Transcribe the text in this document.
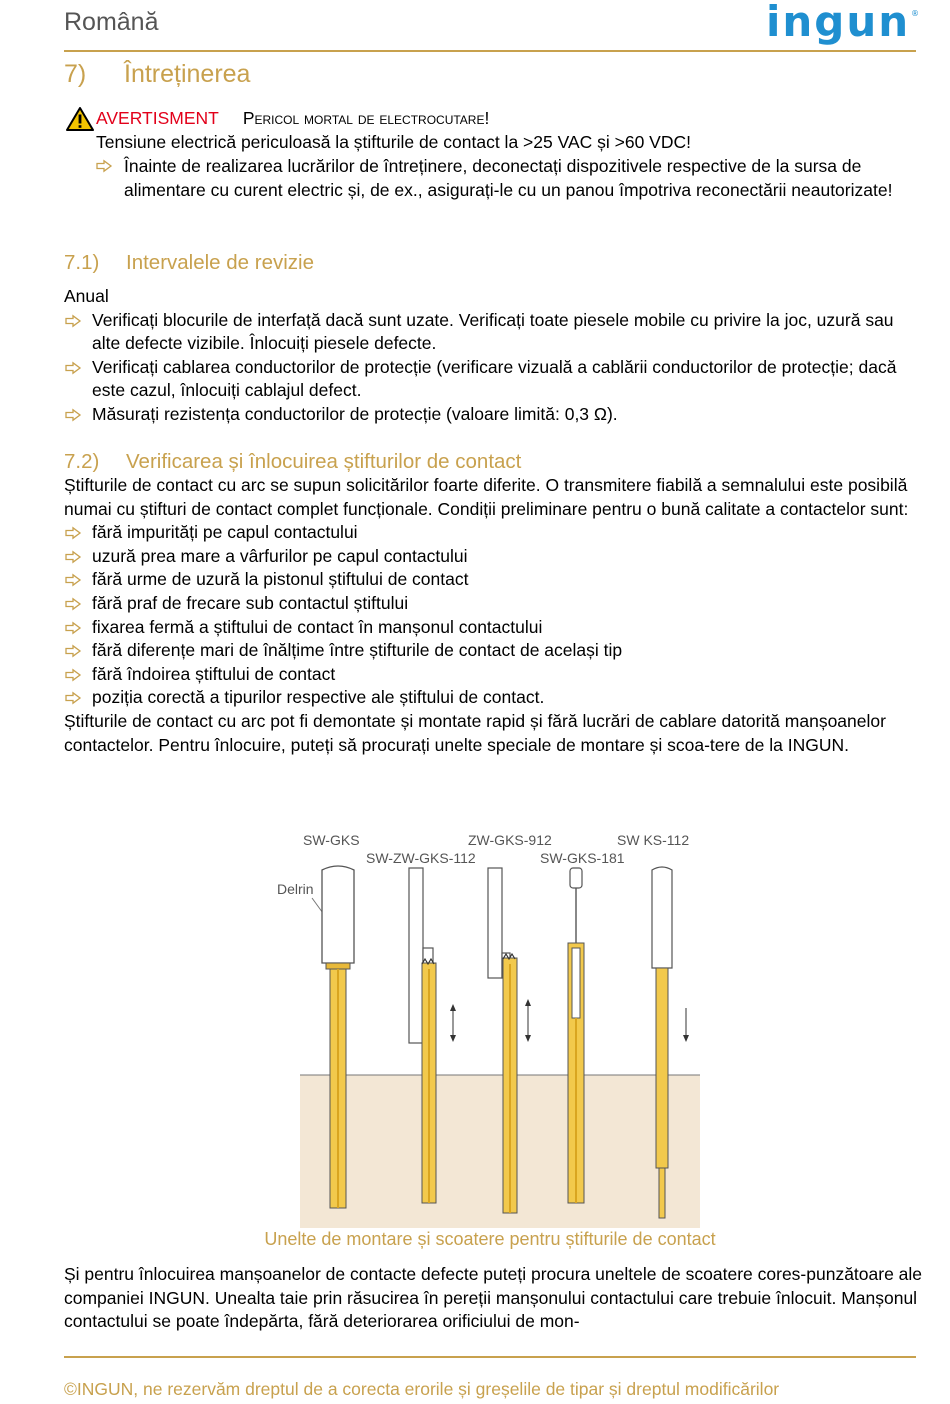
Română	ingun ®
7) Întreținerea
AVERTISMENT Pericol mortal de electrocutare!
Tensiune electrică periculoasă la știfturile de contact la >25 VAC și >60 VDC!
Înainte de realizarea lucrărilor de întreținere, deconectați dispozitivele respective de la sursa de alimentare cu curent electric și, de ex., asigurați-le cu un panou împotriva reconectării neautorizate!
7.1) Intervalele de revizie
Anual
Verificați blocurile de interfață dacă sunt uzate. Verificați toate piesele mobile cu privire la joc, uzură sau alte defecte vizibile. Înlocuiți piesele defecte.
Verificați cablarea conductorilor de protecție (verificare vizuală a cablării conductorilor de protecție; dacă este cazul, înlocuiți cablajul defect.
Măsurați rezistența conductorilor de protecție (valoare limită: 0,3 Ω).
7.2) Verificarea și înlocuirea știfturilor de contact
Știfturile de contact cu arc se supun solicitărilor foarte diferite. O transmitere fiabilă a semnalului este posibilă numai cu știfturi de contact complet funcționale. Condiții preliminare pentru o bună calitate a contactelor sunt:
fără impurități pe capul contactului
uzură prea mare a vârfurilor pe capul contactului
fără urme de uzură la pistonul știftului de contact
fără praf de frecare sub contactul știftului
fixarea fermă a știftului de contact în manșonul contactului
fără diferențe mari de înălțime între știfturile de contact de același tip
fără îndoirea știftului de contact
poziția corectă a tipurilor respective ale știftului de contact.
Știfturile de contact cu arc pot fi demontate și montate rapid și fără lucrări de cablare datorită manșoanelor contactelor. Pentru înlocuire, puteți să procurați unelte speciale de montare și scoa-tere de la INGUN.
SW-GKS	ZW-GKS-912	SW KS-112
SW-ZW-GKS-112	SW-GKS-181
Delrin
Unelte de montare și scoatere pentru știfturile de contact
Și pentru înlocuirea manșoanelor de contacte defecte puteți procura uneltele de scoatere cores-punzătoare ale companiei INGUN. Unealta taie prin răsucirea în pereții manșonului contactului care trebuie înlocuit. Manșonul contactului se poate îndepărta, fără deteriorarea orificiului de mon-
©INGUN, ne rezervăm dreptul de a corecta erorile și greșelile de tipar și dreptul modificărilor
